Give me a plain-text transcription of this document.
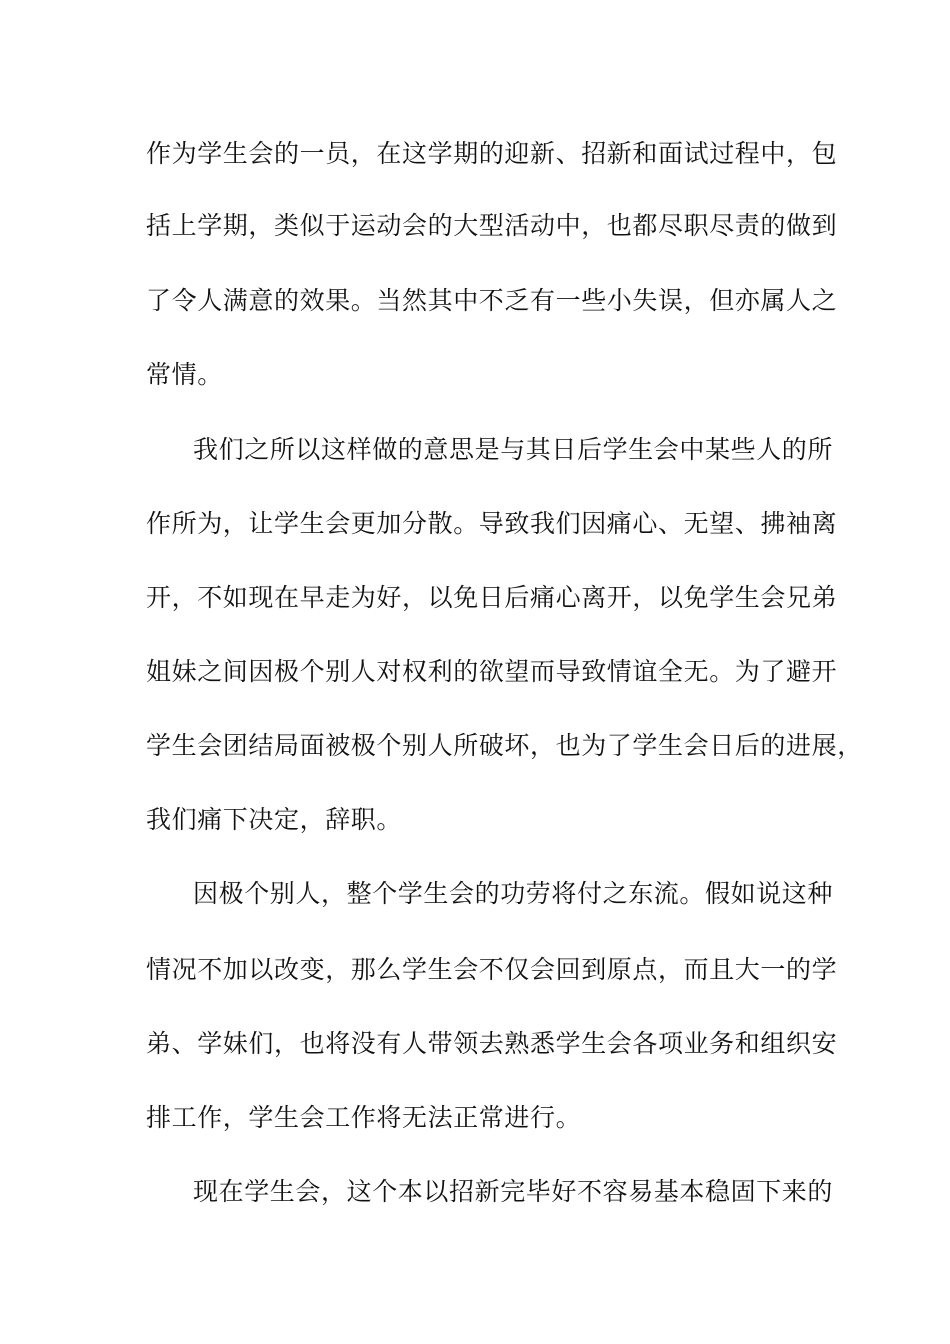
作为学生会的一员，在这学期的迎新、招新和面试过程中，包
括上学期，类似于运动会的大型活动中，也都尽职尽责的做到
了令人满意的效果。当然其中不乏有一些小失误，但亦属人之
常情。
我们之所以这样做的意思是与其日后学生会中某些人的所
作所为，让学生会更加分散。导致我们因痛心、无望、拂袖离
开，不如现在早走为好，以免日后痛心离开，以免学生会兄弟
姐妹之间因极个别人对权利的欲望而导致情谊全无。为了避开
学生会团结局面被极个别人所破坏，也为了学生会日后的进展，
我们痛下决定，辞职。
因极个别人，整个学生会的功劳将付之东流。假如说这种
情况不加以改变，那么学生会不仅会回到原点，而且大一的学
弟、学妹们，也将没有人带领去熟悉学生会各项业务和组织安
排工作，学生会工作将无法正常进行。
现在学生会，这个本以招新完毕好不容易基本稳固下来的
